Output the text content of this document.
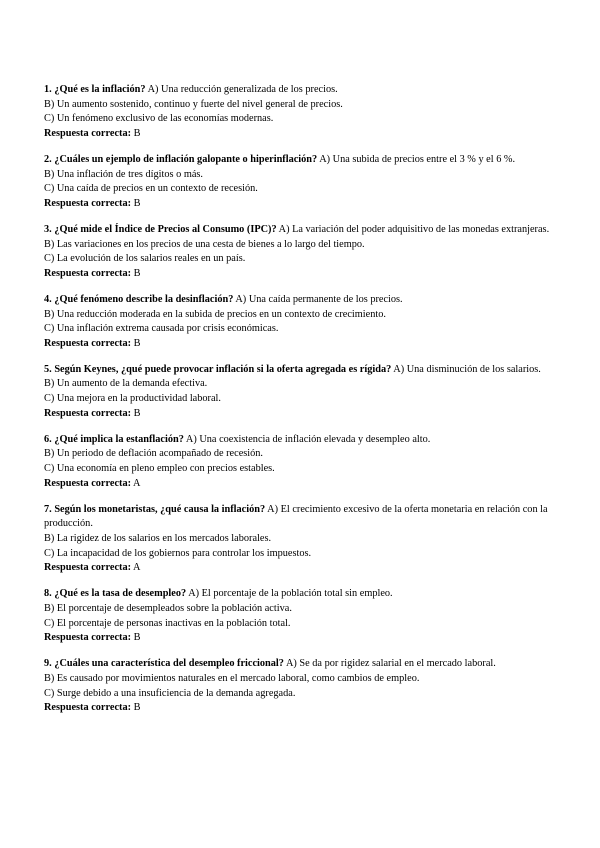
1. ¿Qué es la inflación? A) Una reducción generalizada de los precios.
B) Un aumento sostenido, continuo y fuerte del nivel general de precios.
C) Un fenómeno exclusivo de las economías modernas.
Respuesta correcta: B
2. ¿Cuáles un ejemplo de inflación galopante o hiperinflación? A) Una subida de precios entre el 3 % y el 6 %.
B) Una inflación de tres dígitos o más.
C) Una caída de precios en un contexto de recesión.
Respuesta correcta: B
3. ¿Qué mide el Índice de Precios al Consumo (IPC)? A) La variación del poder adquisitivo de las monedas extranjeras.
B) Las variaciones en los precios de una cesta de bienes a lo largo del tiempo.
C) La evolución de los salarios reales en un país.
Respuesta correcta: B
4. ¿Qué fenómeno describe la desinflación? A) Una caída permanente de los precios.
B) Una reducción moderada en la subida de precios en un contexto de crecimiento.
C) Una inflación extrema causada por crisis económicas.
Respuesta correcta: B
5. Según Keynes, ¿qué puede provocar inflación si la oferta agregada es rígida? A) Una disminución de los salarios.
B) Un aumento de la demanda efectiva.
C) Una mejora en la productividad laboral.
Respuesta correcta: B
6. ¿Qué implica la estanflación? A) Una coexistencia de inflación elevada y desempleo alto.
B) Un periodo de deflación acompañado de recesión.
C) Una economía en pleno empleo con precios estables.
Respuesta correcta: A
7. Según los monetaristas, ¿qué causa la inflación? A) El crecimiento excesivo de la oferta monetaria en relación con la producción.
B) La rigidez de los salarios en los mercados laborales.
C) La incapacidad de los gobiernos para controlar los impuestos.
Respuesta correcta: A
8. ¿Qué es la tasa de desempleo? A) El porcentaje de la población total sin empleo.
B) El porcentaje de desempleados sobre la población activa.
C) El porcentaje de personas inactivas en la población total.
Respuesta correcta: B
9. ¿Cuáles una característica del desempleo friccional? A) Se da por rigidez salarial en el mercado laboral.
B) Es causado por movimientos naturales en el mercado laboral, como cambios de empleo.
C) Surge debido a una insuficiencia de la demanda agregada.
Respuesta correcta: B
